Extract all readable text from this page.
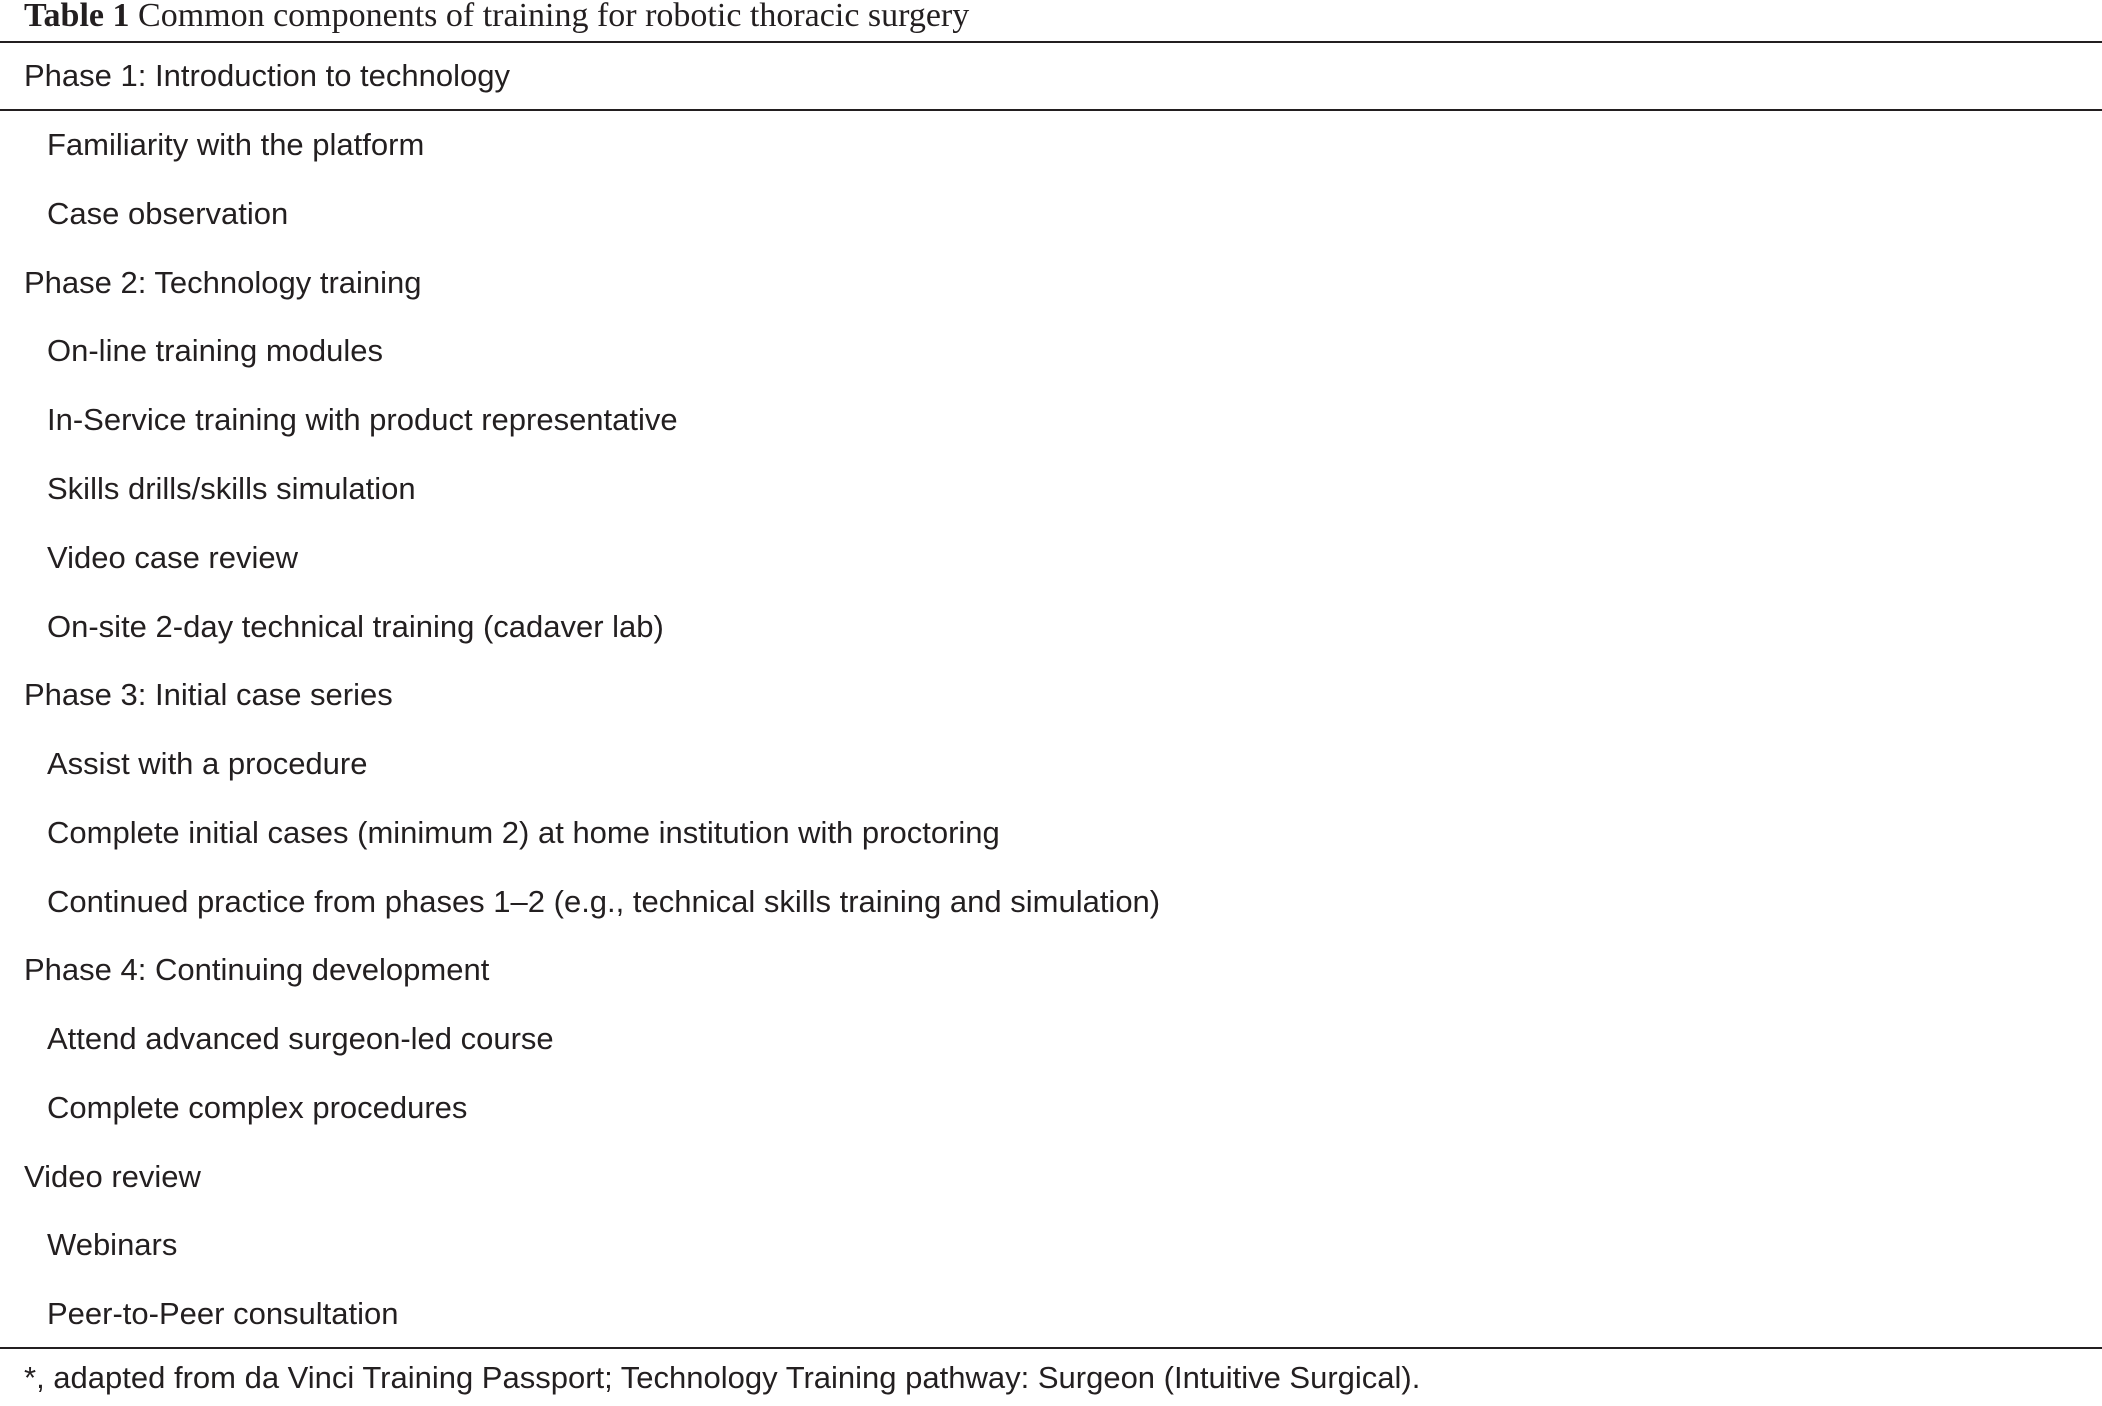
Table 1 Common components of training for robotic thoracic surgery
Phase 1: Introduction to technology
Familiarity with the platform
Case observation
Phase 2: Technology training
On-line training modules
In-Service training with product representative
Skills drills/skills simulation
Video case review
On-site 2-day technical training (cadaver lab)
Phase 3: Initial case series
Assist with a procedure
Complete initial cases (minimum 2) at home institution with proctoring
Continued practice from phases 1–2 (e.g., technical skills training and simulation)
Phase 4: Continuing development
Attend advanced surgeon-led course
Complete complex procedures
Video review
Webinars
Peer-to-Peer consultation
*, adapted from da Vinci Training Passport; Technology Training pathway: Surgeon (Intuitive Surgical).
